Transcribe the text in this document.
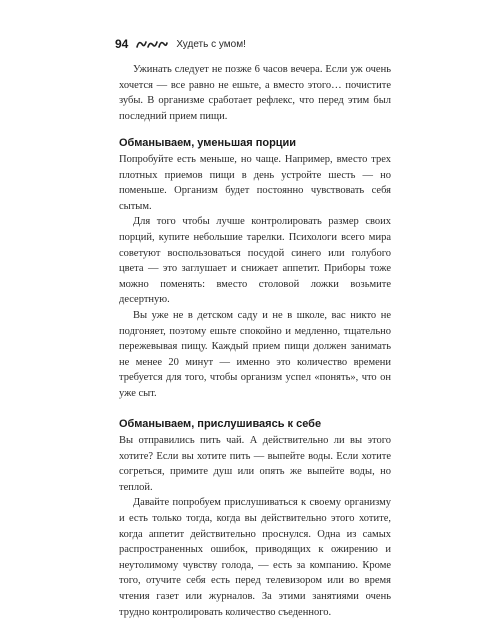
94	Худеть с умом!

Ужинать следует не позже 6 часов вечера. Если уж очень хочется — все равно не ешьте, а вместо этого… почистите зубы. В организме сработает рефлекс, что перед этим был последний прием пищи.

Обманываем, уменьшая порции

Попробуйте есть меньше, но чаще. Например, вместо трех плотных приемов пищи в день устройте шесть — но поменьше. Организм будет постоянно чувствовать себя сытым.

Для того чтобы лучше контролировать размер своих порций, купите небольшие тарелки. Психологи всего мира советуют воспользоваться посудой синего или голубого цвета — это заглушает и снижает аппетит. Приборы тоже можно поменять: вместо столовой ложки возьмите десертную.

Вы уже не в детском саду и не в школе, вас никто не подгоняет, поэтому ешьте спокойно и медленно, тщательно пережевывая пищу. Каждый прием пищи должен занимать не менее 20 минут — именно это количество времени требуется для того, чтобы организм успел «понять», что он уже сыт.

Обманываем, прислушиваясь к себе

Вы отправились пить чай. А действительно ли вы этого хотите? Если вы хотите пить — выпейте воды. Если хотите согреться, примите душ или опять же выпейте воды, но теплой.

Давайте попробуем прислушиваться к своему организму и есть только тогда, когда вы действительно этого хотите, когда аппетит действительно проснулся. Одна из самых распространенных ошибок, приводящих к ожирению и неутолимому чувству голода, — есть за компанию. Кроме того, отучите себя есть перед телевизором или во время чтения газет или журналов. За этими занятиями очень трудно контролировать количество съеденного.
